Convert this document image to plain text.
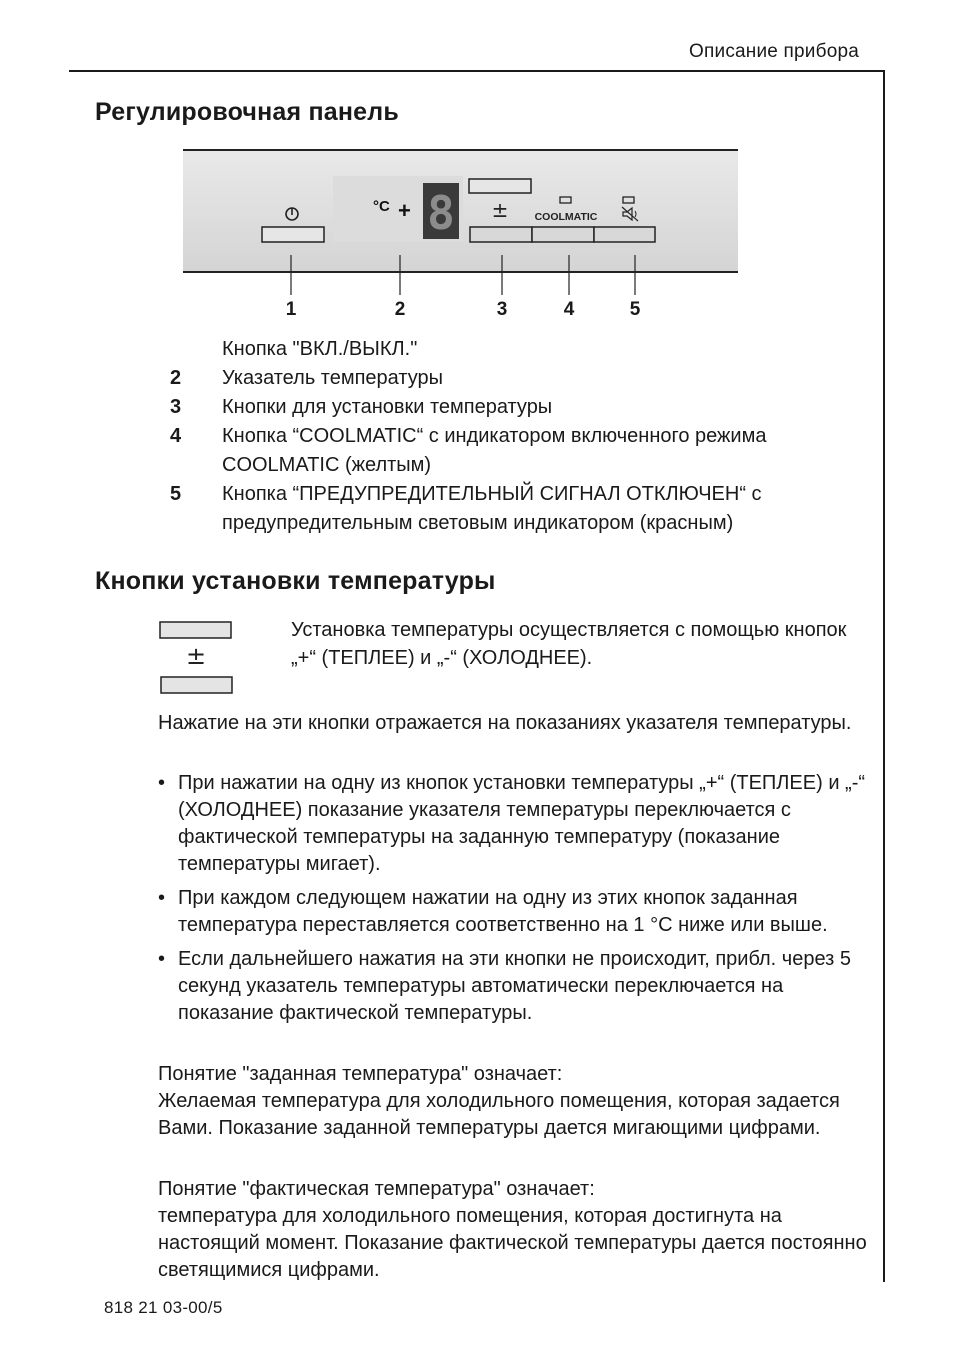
Описание прибора
Регулировочная панель
°C + 8 ± COOLMATIC
1	2	3	4	5
Кнопка "ВКЛ./ВЫКЛ."
2	Указатель температуры
3	Кнопки для установки температуры
4	Кнопка “COOLMATIC“ с индикатором включенного режима COOLMATIC (желтым)
5	Кнопка “ПРЕДУПРЕДИТЕЛЬНЫЙ СИГНАЛ ОТКЛЮЧЕН“ с предупредительным световым индикатором (красным)
Кнопки установки температуры
±
Установка температуры осуществляется с помощью кнопок „+“ (ТЕПЛЕЕ) и „-“ (ХОЛОДНЕЕ).
Нажатие на эти кнопки отражается на показаниях указателя температуры.
• При нажатии на одну из кнопок установки температуры „+“ (ТЕПЛЕЕ) и „-“ (ХОЛОДНЕЕ) показание указателя температуры переключается с фактической температуры на заданную температуру (показание температуры мигает).
• При каждом следующем нажатии на одну из этих кнопок заданная температура переставляется соответственно на 1 °C ниже или выше.
• Если дальнейшего нажатия на эти кнопки не происходит, прибл. через 5 секунд указатель температуры автоматически переключается на показание фактической температуры.
Понятие "заданная температура" означает:
Желаемая температура для холодильного помещения, которая задается Вами. Показание заданной температуры дается мигающими цифрами.
Понятие "фактическая температура" означает:
температура для холодильного помещения, которая достигнута на настоящий момент. Показание фактической температуры дается постоянно светящимися цифрами.
818 21 03-00/5
